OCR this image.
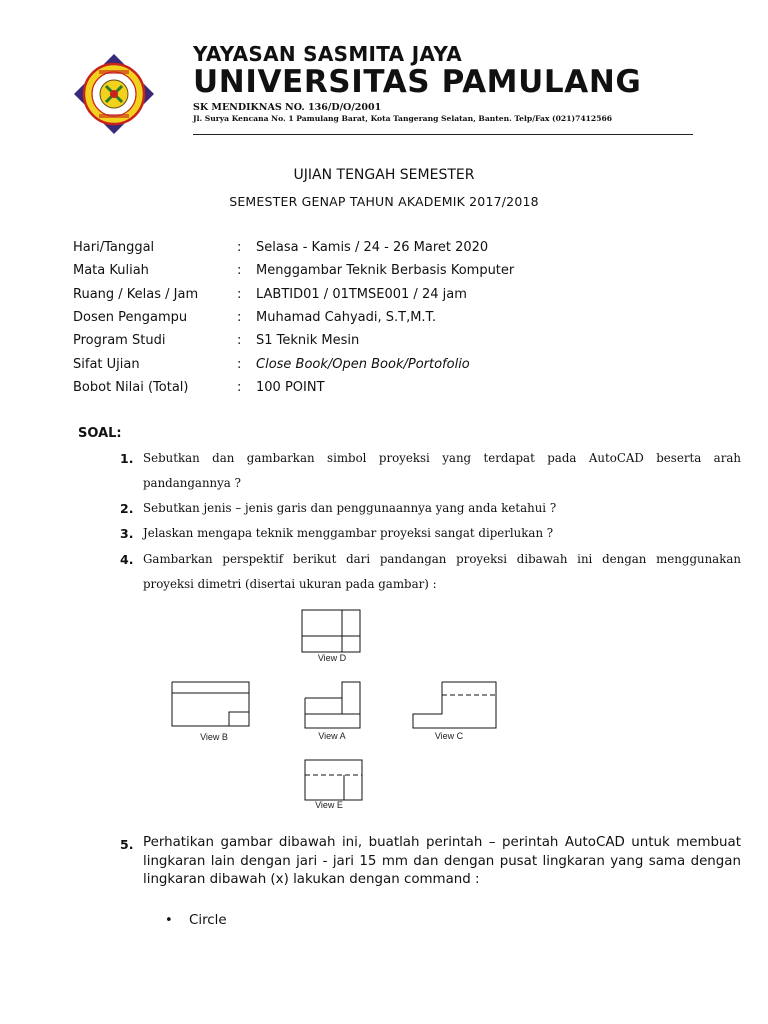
YAYASAN SASMITA JAYA
UNIVERSITAS PAMULANG
SK MENDIKNAS NO. 136/D/O/2001
Jl. Surya Kencana No. 1 Pamulang Barat, Kota Tangerang Selatan, Banten. Telp/Fax (021)7412566
UJIAN TENGAH SEMESTER
SEMESTER GENAP TAHUN AKADEMIK 2017/2018
Hari/Tanggal	: Selasa - Kamis / 24 - 26 Maret 2020
Mata Kuliah	: Menggambar Teknik Berbasis Komputer
Ruang / Kelas / Jam	: LABTID01 / 01TMSE001 / 24 jam
Dosen Pengampu	: Muhamad Cahyadi, S.T,M.T.
Program Studi	: S1 Teknik Mesin
Sifat Ujian	: Close Book/Open Book/Portofolio
Bobot Nilai (Total)	: 100 POINT
SOAL:
1. Sebutkan dan gambarkan simbol proyeksi yang terdapat pada AutoCAD beserta arah pandangannya ?
2. Sebutkan jenis – jenis garis dan penggunaannya yang anda ketahui ?
3. Jelaskan mengapa teknik menggambar proyeksi sangat diperlukan ?
4. Gambarkan perspektif berikut dari pandangan proyeksi dibawah ini dengan menggunakan proyeksi dimetri (disertai ukuran pada gambar) :
View D
View B	View A	View C
View E
5. Perhatikan gambar dibawah ini, buatlah perintah – perintah AutoCAD untuk membuat lingkaran lain dengan jari - jari 15 mm dan dengan pusat lingkaran yang sama dengan lingkaran dibawah (x) lakukan dengan command :
• Circle
